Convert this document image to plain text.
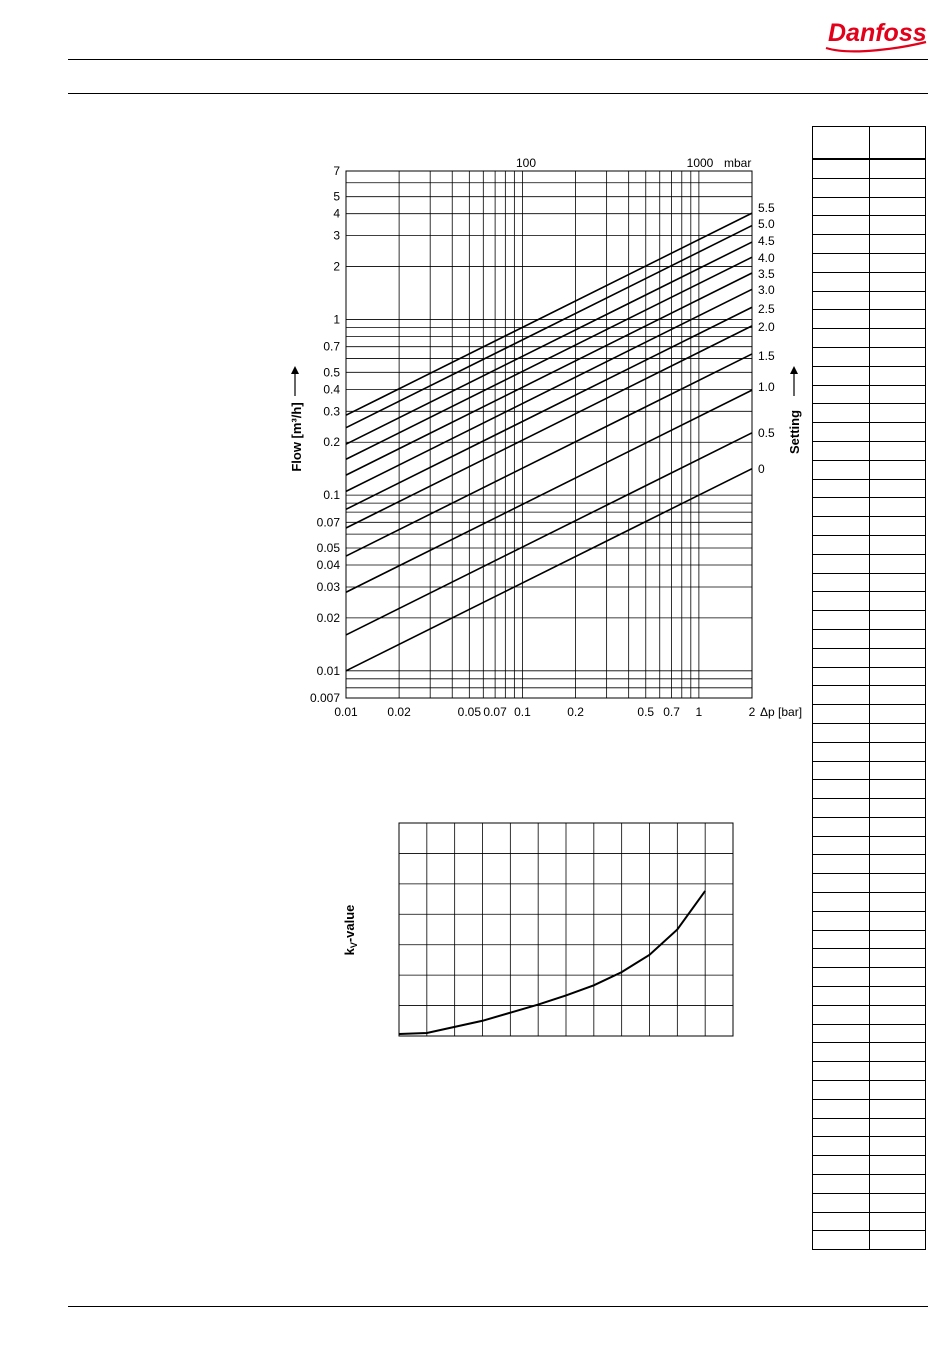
Danfoss
5.5
5.0
4.5
4.0
3.5
3.0
2.5
2.0
1.5
1.0
0.5
0
0.01 0.02	0.05 0.07 0.1	0.2	0.5 0.7 1	2 Δp [bar]
7
5
4
3
2
1
0.7
0.5
0.4
0.3
0.2
0.1
0.07
0.05
0.04
0.03
0.02
0.01
0.007
100	1000 mbar
Flow [m³/h]	Setting
$k_V$-value
